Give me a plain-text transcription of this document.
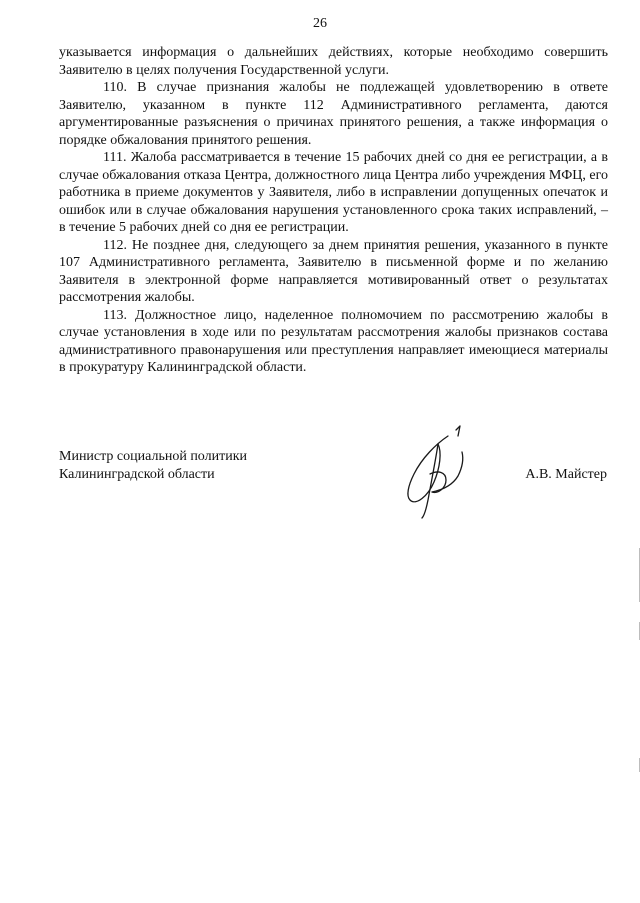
26

указывается информация о дальнейших действиях, которые необходимо совершить Заявителю в целях получения Государственной услуги.

110. В случае признания жалобы не подлежащей удовлетворению в ответе Заявителю, указанном в пункте 112 Административного регламента, даются аргументированные разъяснения о причинах принятого решения, а также информация о порядке обжалования принятого решения.

111. Жалоба рассматривается в течение 15 рабочих дней со дня ее регистрации, а в случае обжалования отказа Центра, должностного лица Центра либо учреждения МФЦ, его работника в приеме документов у Заявителя, либо в исправлении допущенных опечаток и ошибок или в случае обжалования нарушения установленного срока таких исправлений, – в течение 5 рабочих дней со дня ее регистрации.

112. Не позднее дня, следующего за днем принятия решения, указанного в пункте 107 Административного регламента, Заявителю в письменной форме и по желанию Заявителя в электронной форме направляется мотивированный ответ о результатах рассмотрения жалобы.

113. Должностное лицо, наделенное полномочием по рассмотрению жалобы в случае установления в ходе или по результатам рассмотрения жалобы признаков состава административного правонарушения или преступления направляет имеющиеся материалы в прокуратуру Калининградской области.

Министр социальной политики
Калининградской области	А.В. Майстер
